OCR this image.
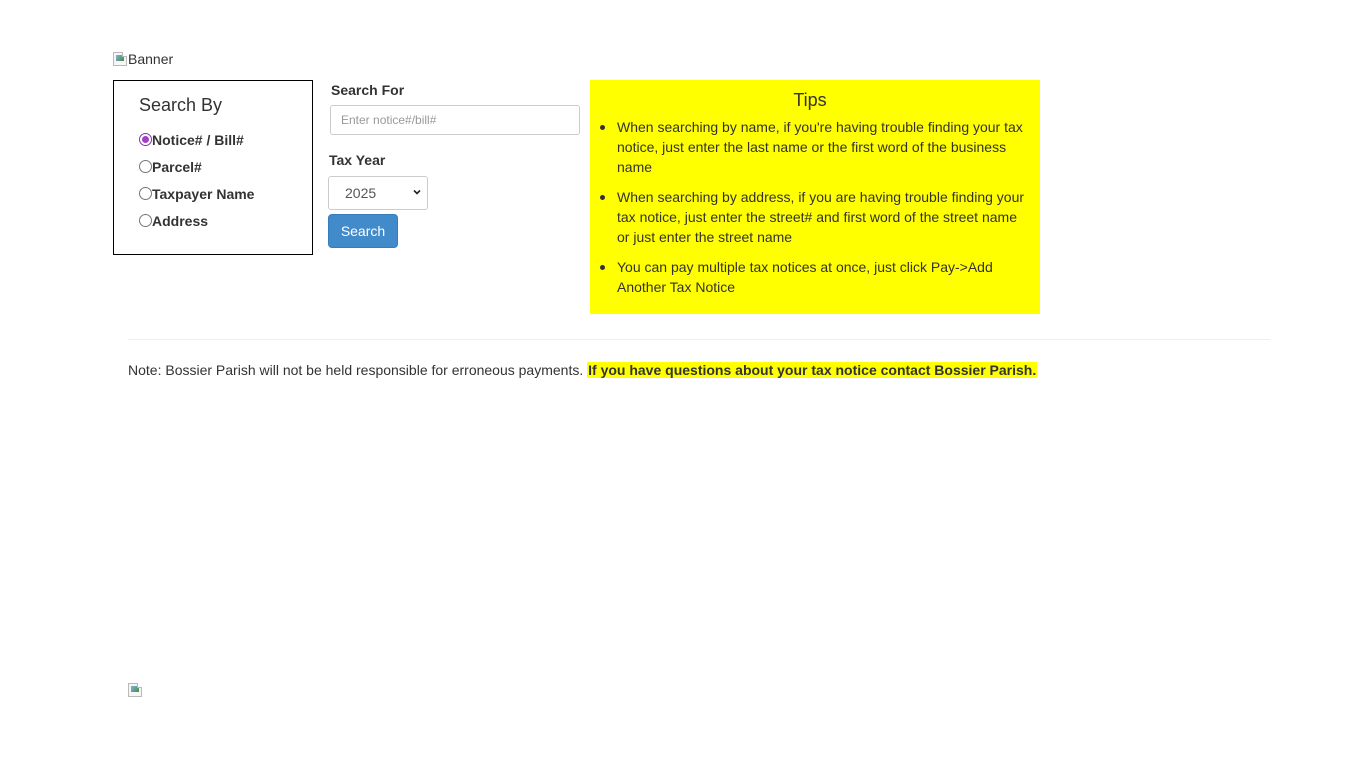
Banner
Search By
Notice# / Bill#
Parcel#
Taxpayer Name
Address
Search For
Enter notice#/bill#
Tax Year
2025
Search
Tips
When searching by name, if you're having trouble finding your tax notice, just enter the last name or the first word of the business name
When searching by address, if you are having trouble finding your tax notice, just enter the street# and first word of the street name or just enter the street name
You can pay multiple tax notices at once, just click Pay->Add Another Tax Notice
Note: Bossier Parish will not be held responsible for erroneous payments. If you have questions about your tax notice contact Bossier Parish.
